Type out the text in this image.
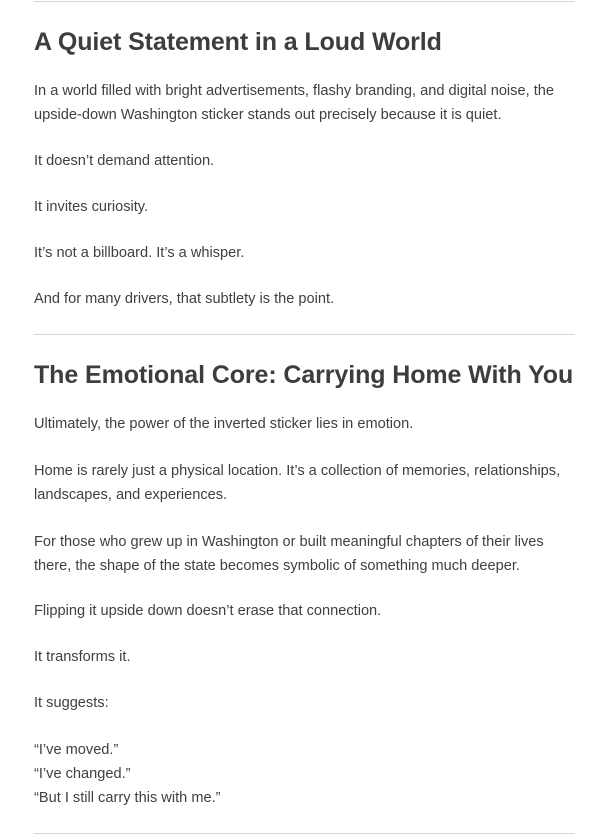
A Quiet Statement in a Loud World

In a world filled with bright advertisements, flashy branding, and digital noise, the upside-down Washington sticker stands out precisely because it is quiet.

It doesn’t demand attention.

It invites curiosity.

It’s not a billboard. It’s a whisper.

And for many drivers, that subtlety is the point.

The Emotional Core: Carrying Home With You

Ultimately, the power of the inverted sticker lies in emotion.

Home is rarely just a physical location. It’s a collection of memories, relationships, landscapes, and experiences.

For those who grew up in Washington or built meaningful chapters of their lives there, the shape of the state becomes symbolic of something much deeper.

Flipping it upside down doesn’t erase that connection.

It transforms it.

It suggests:

“I’ve moved.”
“I’ve changed.”
“But I still carry this with me.”
